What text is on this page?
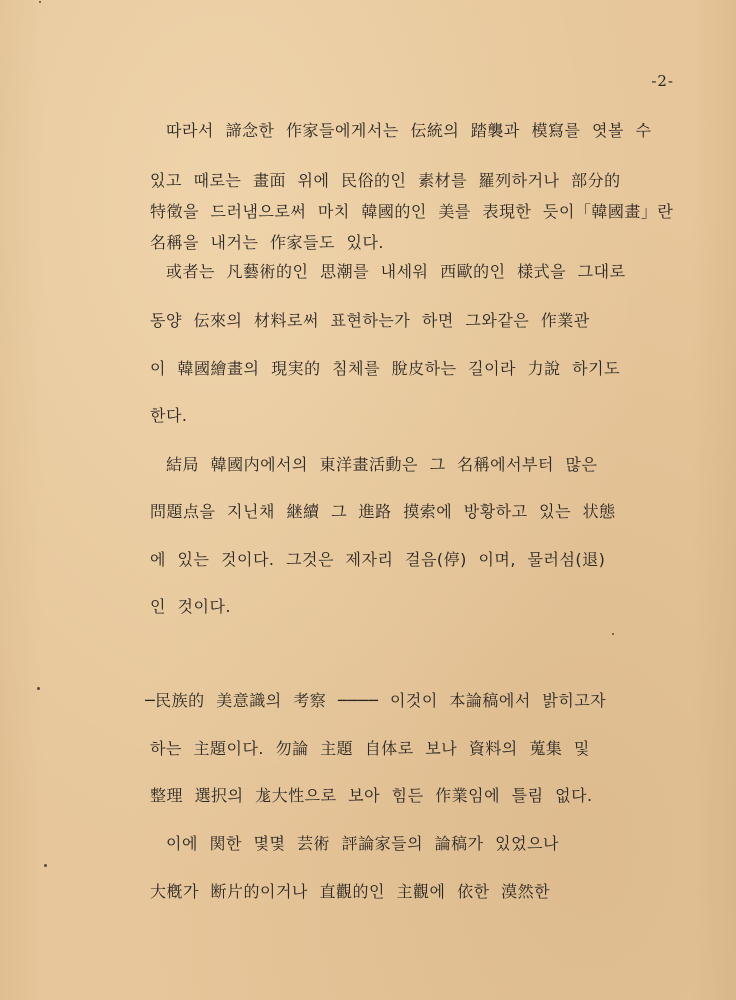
-2-
따라서 諦念한 作家들에게서는 伝統의 踏襲과 模寫를 엿볼 수
있고 때로는 畫面 위에 民俗的인 素材를 羅列하거나 部分的
特徵을 드러냄으로써 마치 韓國的인 美를 表現한 듯이「韓國畫」란
名稱을 내거는 作家들도 있다.
或者는 凡藝術的인 思潮를 내세워 西歐的인 樣式을 그대로
동양 伝來의 材料로써 표현하는가 하면 그와같은 作業관
이 韓國繪畫의 現実的 침체를 脫皮하는 길이라 力說 하기도
한다.
結局 韓國内에서의 東洋畫活動은 그 名稱에서부터 많은
問題点을 지닌채 継續 그 進路 摸索에 방황하고 있는 状態
에 있는 것이다. 그것은 제자리 걸음(停) 이며, 물러섬(退)
인 것이다.
─民族的 美意識의 考察 ──── 이것이 本論稿에서 밝히고자
하는 主題이다. 勿論 主題 自体로 보나 資料의 蒐集 및
整理 選択의 尨大性으로 보아 힘든 作業임에 틀림 없다.
이에 関한 몇몇 芸術 評論家들의 論稿가 있었으나
大槪가 断片的이거나 直觀的인 主觀에 依한 漠然한
